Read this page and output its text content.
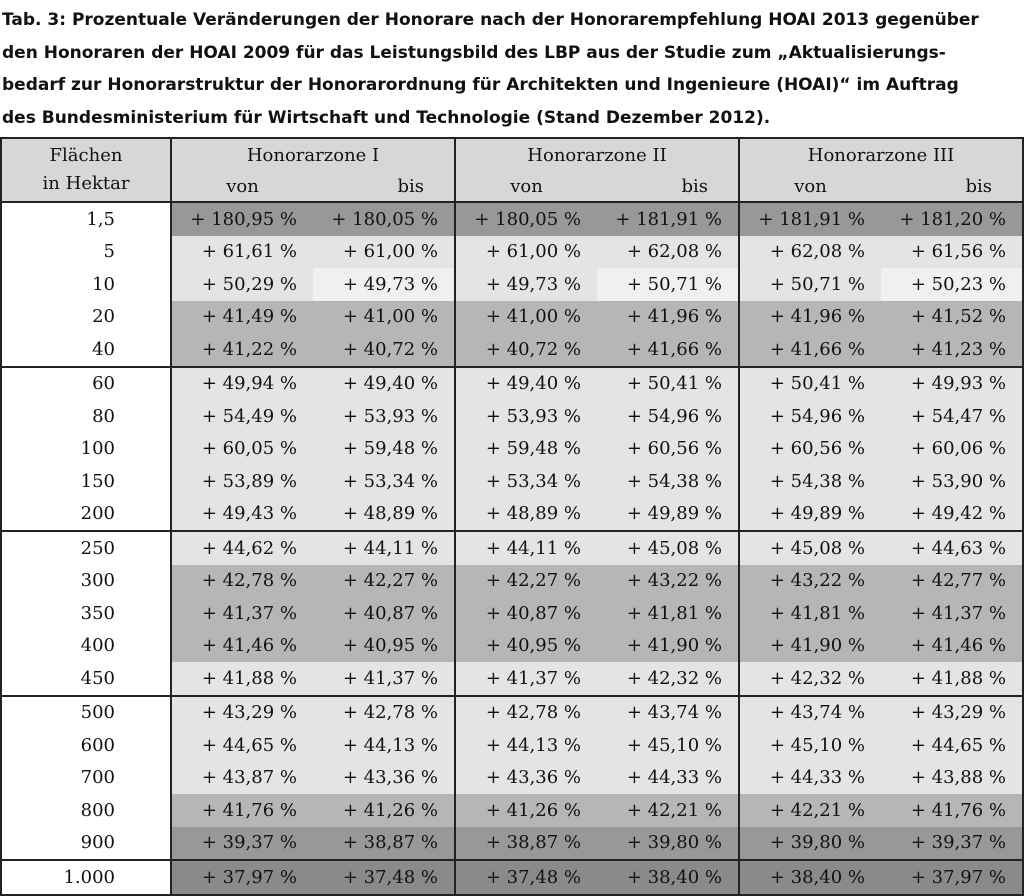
Tab. 3: Prozentuale Veränderungen der Honorare nach der Honorarempfehlung HOAI 2013 gegenüber
den Honoraren der HOAI 2009 für das Leistungsbild des LBP aus der Studie zum „Aktualisierungs-
bedarf zur Honorarstruktur der Honorarordnung für Architekten und Ingenieure (HOAI)“ im Auftrag
des Bundesministerium für Wirtschaft und Technologie (Stand Dezember 2012).
Flächen
in Hektar	Honorarzone I		Honorarzone II		Honorarzone III	
	von	bis	von	bis	von	bis
1,5	+ 180,95 %	+ 180,05 %	+ 180,05 %	+ 181,91 %	+ 181,91 %	+ 181,20 %
5	+ 61,61 %	+ 61,00 %	+ 61,00 %	+ 62,08 %	+ 62,08 %	+ 61,56 %
10	+ 50,29 %	+ 49,73 %	+ 49,73 %	+ 50,71 %	+ 50,71 %	+ 50,23 %
20	+ 41,49 %	+ 41,00 %	+ 41,00 %	+ 41,96 %	+ 41,96 %	+ 41,52 %
40	+ 41,22 %	+ 40,72 %	+ 40,72 %	+ 41,66 %	+ 41,66 %	+ 41,23 %
60	+ 49,94 %	+ 49,40 %	+ 49,40 %	+ 50,41 %	+ 50,41 %	+ 49,93 %
80	+ 54,49 %	+ 53,93 %	+ 53,93 %	+ 54,96 %	+ 54,96 %	+ 54,47 %
100	+ 60,05 %	+ 59,48 %	+ 59,48 %	+ 60,56 %	+ 60,56 %	+ 60,06 %
150	+ 53,89 %	+ 53,34 %	+ 53,34 %	+ 54,38 %	+ 54,38 %	+ 53,90 %
200	+ 49,43 %	+ 48,89 %	+ 48,89 %	+ 49,89 %	+ 49,89 %	+ 49,42 %
250	+ 44,62 %	+ 44,11 %	+ 44,11 %	+ 45,08 %	+ 45,08 %	+ 44,63 %
300	+ 42,78 %	+ 42,27 %	+ 42,27 %	+ 43,22 %	+ 43,22 %	+ 42,77 %
350	+ 41,37 %	+ 40,87 %	+ 40,87 %	+ 41,81 %	+ 41,81 %	+ 41,37 %
400	+ 41,46 %	+ 40,95 %	+ 40,95 %	+ 41,90 %	+ 41,90 %	+ 41,46 %
450	+ 41,88 %	+ 41,37 %	+ 41,37 %	+ 42,32 %	+ 42,32 %	+ 41,88 %
500	+ 43,29 %	+ 42,78 %	+ 42,78 %	+ 43,74 %	+ 43,74 %	+ 43,29 %
600	+ 44,65 %	+ 44,13 %	+ 44,13 %	+ 45,10 %	+ 45,10 %	+ 44,65 %
700	+ 43,87 %	+ 43,36 %	+ 43,36 %	+ 44,33 %	+ 44,33 %	+ 43,88 %
800	+ 41,76 %	+ 41,26 %	+ 41,26 %	+ 42,21 %	+ 42,21 %	+ 41,76 %
900	+ 39,37 %	+ 38,87 %	+ 38,87 %	+ 39,80 %	+ 39,80 %	+ 39,37 %
1.000	+ 37,97 %	+ 37,48 %	+ 37,48 %	+ 38,40 %	+ 38,40 %	+ 37,97 %
